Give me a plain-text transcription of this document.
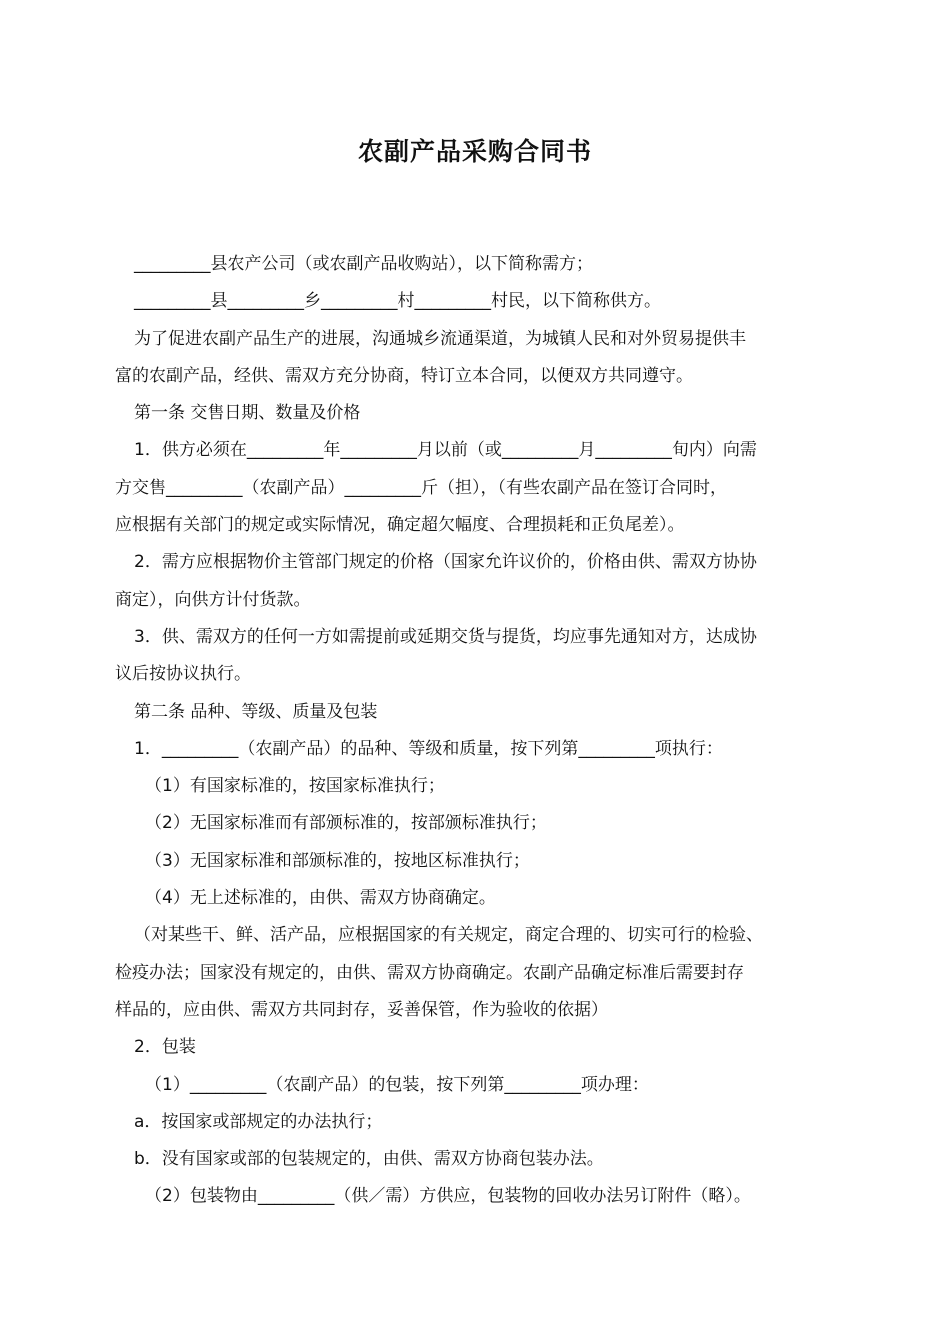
农副产品采购合同书

_________县农产公司（或农副产品收购站），以下简称需方；

_________县_________乡_________村_________村民，以下简称供方。

为了促进农副产品生产的进展，沟通城乡流通渠道，为城镇人民和对外贸易提供丰

富的农副产品，经供、需双方充分协商，特订立本合同，以便双方共同遵守。

第一条 交售日期、数量及价格

1．供方必须在_________年_________月以前（或_________月_________旬内）向需

方交售_________（农副产品）_________斤（担），（有些农副产品在签订合同时，

应根据有关部门的规定或实际情况，确定超欠幅度、合理损耗和正负尾差）。

2．需方应根据物价主管部门规定的价格（国家允许议价的，价格由供、需双方协协

商定），向供方计付货款。

3．供、需双方的任何一方如需提前或延期交货与提货，均应事先通知对方，达成协

议后按协议执行。

第二条 品种、等级、质量及包装

1．_________（农副产品）的品种、等级和质量，按下列第_________项执行：

（1）有国家标准的，按国家标准执行；

（2）无国家标准而有部颁标准的，按部颁标准执行；

（3）无国家标准和部颁标准的，按地区标准执行；

（4）无上述标准的，由供、需双方协商确定。

（对某些干、鲜、活产品，应根据国家的有关规定，商定合理的、切实可行的检验、

检疫办法；国家没有规定的，由供、需双方协商确定。农副产品确定标准后需要封存

样品的，应由供、需双方共同封存，妥善保管，作为验收的依据）

2．包装

（1）_________（农副产品）的包装，按下列第_________项办理：

a．按国家或部规定的办法执行；

b．没有国家或部的包装规定的，由供、需双方协商包装办法。

（2）包装物由_________（供／需）方供应，包装物的回收办法另订附件（略）。
